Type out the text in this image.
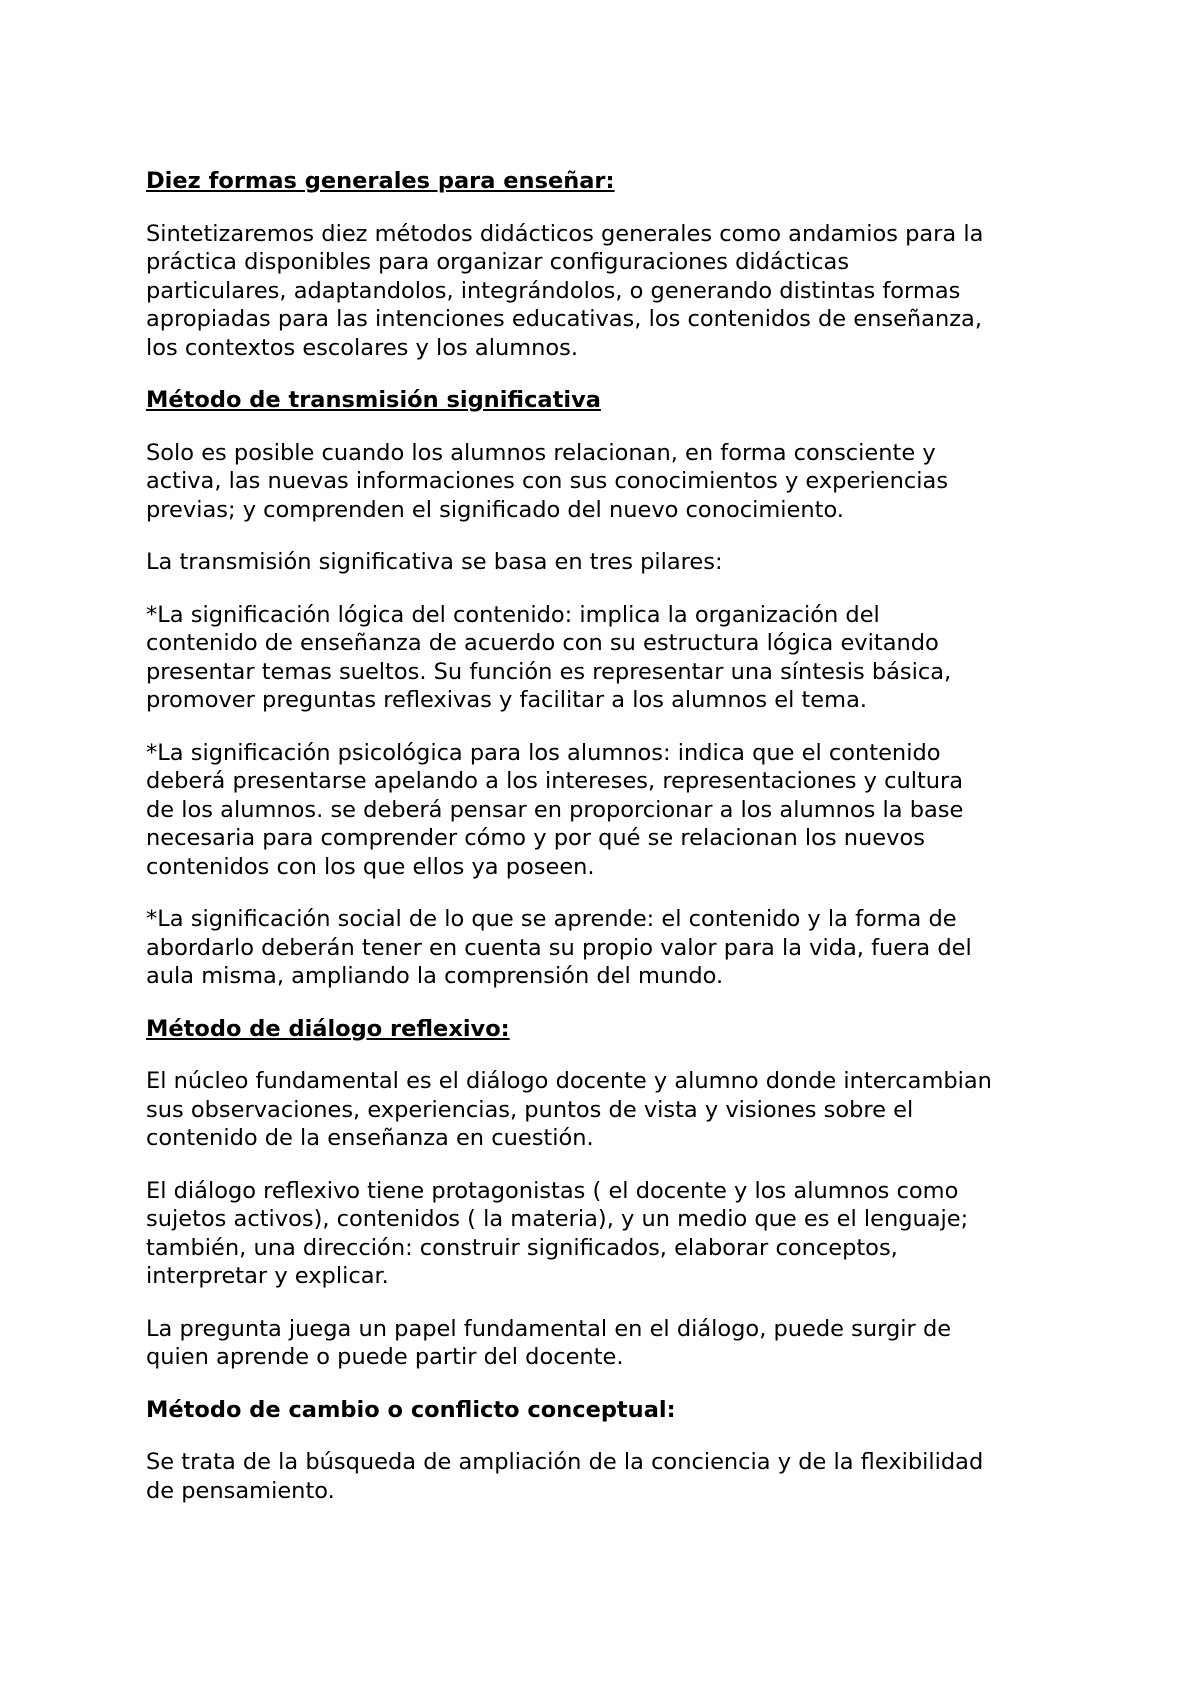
Diez formas generales para enseñar:

Sintetizaremos diez métodos didácticos generales como andamios para la
práctica disponibles para organizar configuraciones didácticas
particulares, adaptandolos, integrándolos, o generando distintas formas
apropiadas para las intenciones educativas, los contenidos de enseñanza,
los contextos escolares y los alumnos.

Método de transmisión significativa

Solo es posible cuando los alumnos relacionan, en forma consciente y
activa, las nuevas informaciones con sus conocimientos y experiencias
previas; y comprenden el significado del nuevo conocimiento.

La transmisión significativa se basa en tres pilares:

*La significación lógica del contenido: implica la organización del
contenido de enseñanza de acuerdo con su estructura lógica evitando
presentar temas sueltos. Su función es representar una síntesis básica,
promover preguntas reflexivas y facilitar a los alumnos el tema.

*La significación psicológica para los alumnos: indica que el contenido
deberá presentarse apelando a los intereses, representaciones y cultura
de los alumnos. se deberá pensar en proporcionar a los alumnos la base
necesaria para comprender cómo y por qué se relacionan los nuevos
contenidos con los que ellos ya poseen.

*La significación social de lo que se aprende: el contenido y la forma de
abordarlo deberán tener en cuenta su propio valor para la vida, fuera del
aula misma, ampliando la comprensión del mundo.

Método de diálogo reflexivo:

El núcleo fundamental es el diálogo docente y alumno donde intercambian
sus observaciones, experiencias, puntos de vista y visiones sobre el
contenido de la enseñanza en cuestión.

El diálogo reflexivo tiene protagonistas ( el docente y los alumnos como
sujetos activos), contenidos ( la materia), y un medio que es el lenguaje;
también, una dirección: construir significados, elaborar conceptos,
interpretar y explicar.

La pregunta juega un papel fundamental en el diálogo, puede surgir de
quien aprende o puede partir del docente.

Método de cambio o conflicto conceptual:

Se trata de la búsqueda de ampliación de la conciencia y de la flexibilidad
de pensamiento.
